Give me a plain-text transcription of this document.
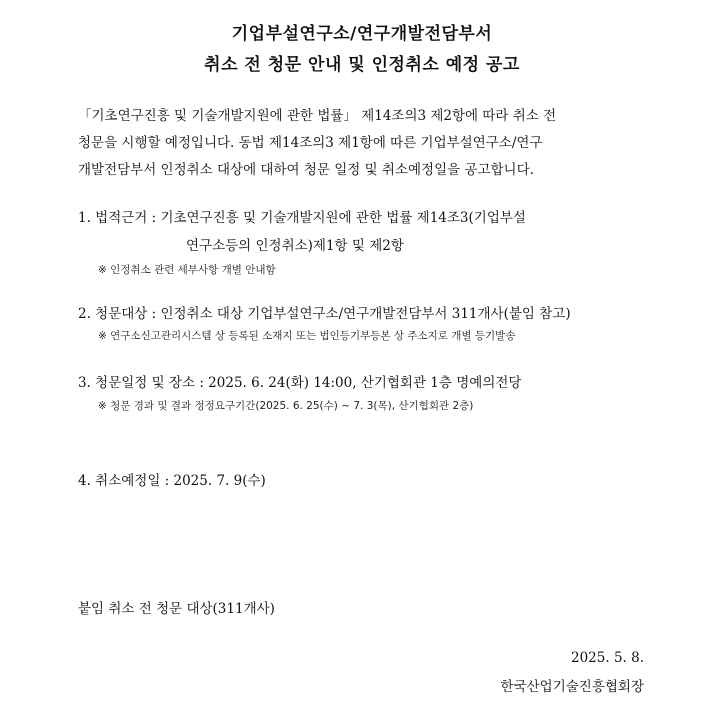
기업부설연구소/연구개발전담부서
취소 전 청문 안내 및 인정취소 예정 공고
「기초연구진흥 및 기술개발지원에 관한 법률」 제14조의3 제2항에 따라 취소 전
청문을 시행할 예정입니다. 동법 제14조의3 제1항에 따른 기업부설연구소/연구
개발전담부서 인정취소 대상에 대하여 청문 일정 및 취소예정일을 공고합니다.
1. 법적근거 : 기초연구진흥 및 기술개발지원에 관한 법률 제14조3(기업부설
연구소등의 인정취소)제1항 및 제2항
※ 인정취소 관련 세부사항 개별 안내함
2. 청문대상 : 인정취소 대상 기업부설연구소/연구개발전담부서 311개사(붙임 참고)
※ 연구소신고관리시스템 상 등록된 소재지 또는 법인등기부등본 상 주소지로 개별 등기발송
3. 청문일정 및 장소 : 2025. 6. 24(화) 14:00, 산기협회관 1층 명예의전당
※ 청문 경과 및 결과 정정요구기간(2025. 6. 25(수) ~ 7. 3(목), 산기협회관 2층)
4. 취소예정일 : 2025. 7. 9(수)
붙임 취소 전 청문 대상(311개사)
2025. 5. 8.
한국산업기술진흥협회장
